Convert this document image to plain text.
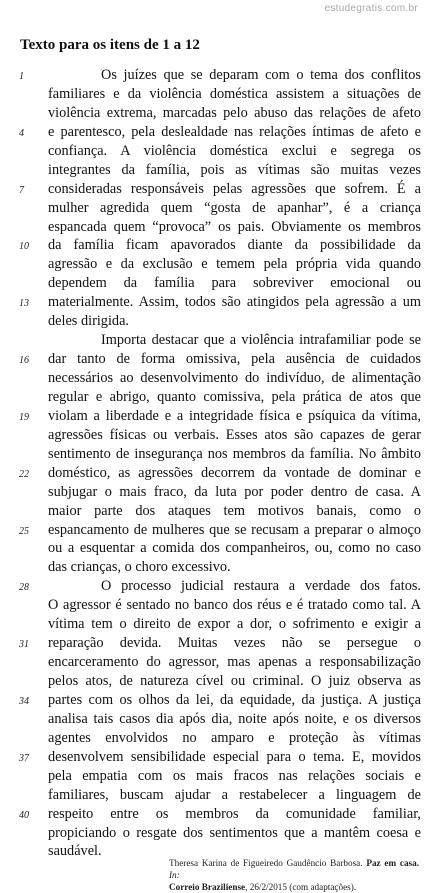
estudegratis.com.br
Texto para os itens de 1 a 12
1	Os juízes que se deparam com o tema dos conflitos
familiares e da violência doméstica assistem a situações de
violência extrema, marcadas pelo abuso das relações de afeto
4	e parentesco, pela deslealdade nas relações íntimas de afeto e
confiança. A violência doméstica exclui e segrega os
integrantes da família, pois as vítimas são muitas vezes
7	consideradas responsáveis pelas agressões que sofrem. É a
mulher agredida quem “gosta de apanhar”, é a criança
espancada quem “provoca” os pais. Obviamente os membros
10	da família ficam apavorados diante da possibilidade da
agressão e da exclusão e temem pela própria vida quando
dependem da família para sobreviver emocional ou
13	materialmente. Assim, todos são atingidos pela agressão a um
deles dirigida.
Importa destacar que a violência intrafamiliar pode se
16	dar tanto de forma omissiva, pela ausência de cuidados
necessários ao desenvolvimento do indivíduo, de alimentação
regular e abrigo, quanto comissiva, pela prática de atos que
19	violam a liberdade e a integridade física e psíquica da vítima,
agressões físicas ou verbais. Esses atos são capazes de gerar
sentimento de insegurança nos membros da família. No âmbito
22	doméstico, as agressões decorrem da vontade de dominar e
subjugar o mais fraco, da luta por poder dentro de casa. A
maior parte dos ataques tem motivos banais, como o
25	espancamento de mulheres que se recusam a preparar o almoço
ou a esquentar a comida dos companheiros, ou, como no caso
das crianças, o choro excessivo.
28	O processo judicial restaura a verdade dos fatos.
O agressor é sentado no banco dos réus e é tratado como tal. A
vítima tem o direito de expor a dor, o sofrimento e exigir a
31	reparação devida. Muitas vezes não se persegue o
encarceramento do agressor, mas apenas a responsabilização
pelos atos, de natureza cível ou criminal. O juiz observa as
34	partes com os olhos da lei, da equidade, da justiça. A justiça
analisa tais casos dia após dia, noite após noite, e os diversos
agentes envolvidos no amparo e proteção às vítimas
37	desenvolvem sensibilidade especial para o tema. E, movidos
pela empatia com os mais fracos nas relações sociais e
familiares, buscam ajudar a restabelecer a linguagem de
40	respeito entre os membros da comunidade familiar,
propiciando o resgate dos sentimentos que a mantêm coesa e
saudável.
Theresa Karina de Figueiredo Gaudêncio Barbosa. Paz em casa. In:
Correio Braziliense, 26/2/2015 (com adaptações).
